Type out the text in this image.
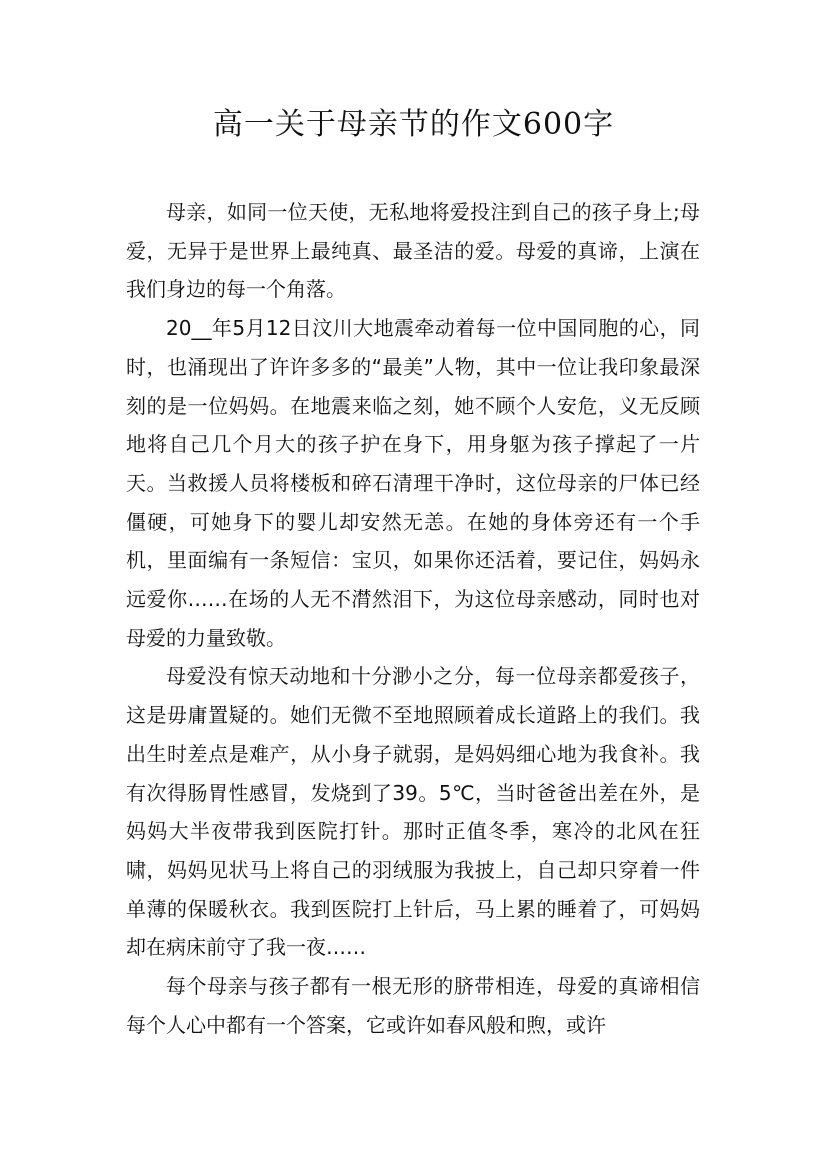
高一关于母亲节的作文600字

母亲，如同一位天使，无私地将爱投注到自己的孩子身上;母爱，无异于是世界上最纯真、最圣洁的爱。母爱的真谛，上演在我们身边的每一个角落。

20__年5月12日汶川大地震牵动着每一位中国同胞的心，同时，也涌现出了许许多多的“最美”人物，其中一位让我印象最深刻的是一位妈妈。在地震来临之刻，她不顾个人安危，义无反顾地将自己几个月大的孩子护在身下，用身躯为孩子撑起了一片天。当救援人员将楼板和碎石清理干净时，这位母亲的尸体已经僵硬，可她身下的婴儿却安然无恙。在她的身体旁还有一个手机，里面编有一条短信：宝贝，如果你还活着，要记住，妈妈永远爱你……在场的人无不潸然泪下，为这位母亲感动，同时也对母爱的力量致敬。

母爱没有惊天动地和十分渺小之分，每一位母亲都爱孩子，这是毋庸置疑的。她们无微不至地照顾着成长道路上的我们。我出生时差点是难产，从小身子就弱，是妈妈细心地为我食补。我有次得肠胃性感冒，发烧到了39。5℃，当时爸爸出差在外，是妈妈大半夜带我到医院打针。那时正值冬季，寒冷的北风在狂啸，妈妈见状马上将自己的羽绒服为我披上，自己却只穿着一件单薄的保暖秋衣。我到医院打上针后，马上累的睡着了，可妈妈却在病床前守了我一夜……

每个母亲与孩子都有一根无形的脐带相连，母爱的真谛相信每个人心中都有一个答案，它或许如春风般和煦，或许
